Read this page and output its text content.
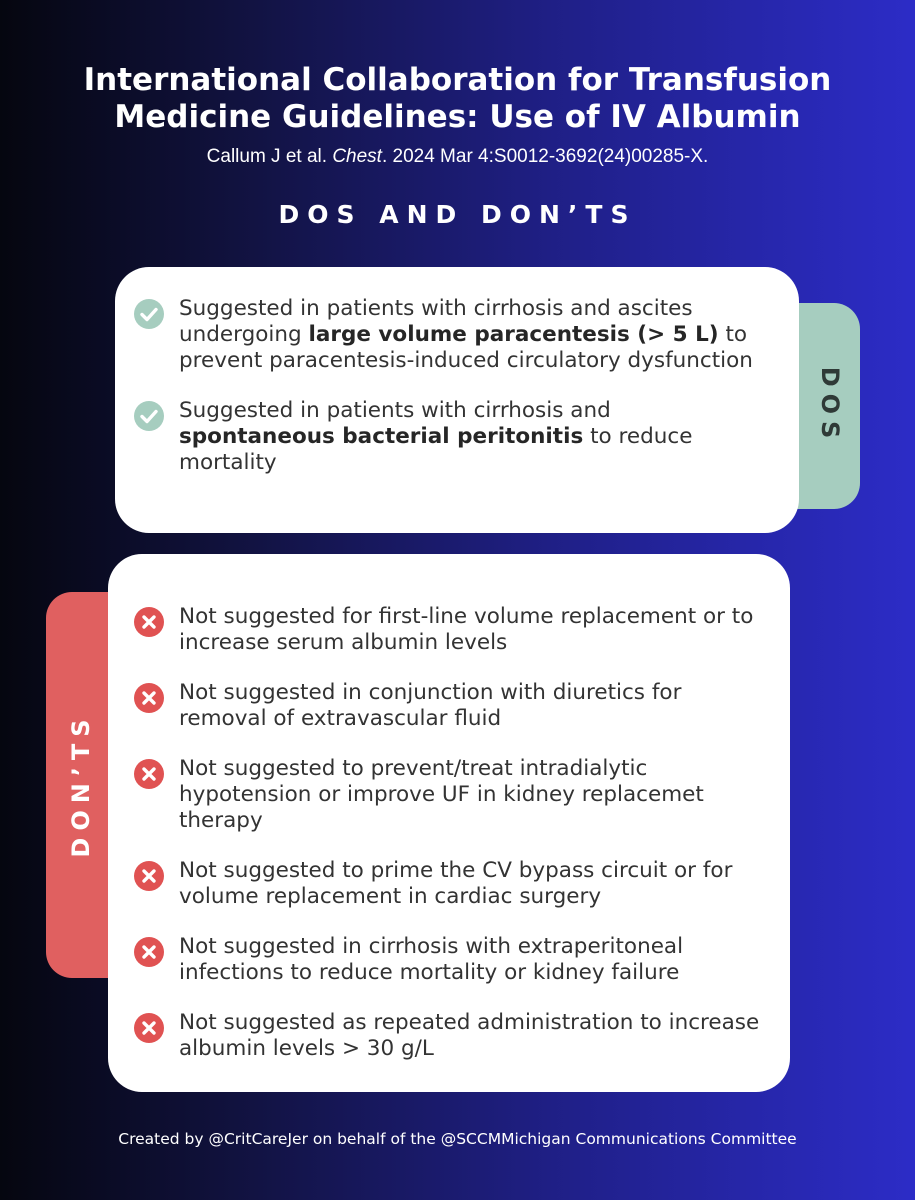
International Collaboration for Transfusion
Medicine Guidelines: Use of IV Albumin
Callum J et al. Chest. 2024 Mar 4:S0012-3692(24)00285-X.
DOS AND DON’TS
DOS
DON’TS
Suggested in patients with cirrhosis and ascites undergoing large volume paracentesis (> 5 L) to prevent paracentesis-induced circulatory dysfunction
Suggested in patients with cirrhosis and spontaneous bacterial peritonitis to reduce mortality
Not suggested for first-line volume replacement or to increase serum albumin levels
Not suggested in conjunction with diuretics for removal of extravascular fluid
Not suggested to prevent/treat intradialytic hypotension or improve UF in kidney replacemet therapy
Not suggested to prime the CV bypass circuit or for volume replacement in cardiac surgery
Not suggested in cirrhosis with extraperitoneal infections to reduce mortality or kidney failure
Not suggested as repeated administration to increase albumin levels > 30 g/L
Created by @CritCareJer on behalf of the @SCCMMichigan Communications Committee
